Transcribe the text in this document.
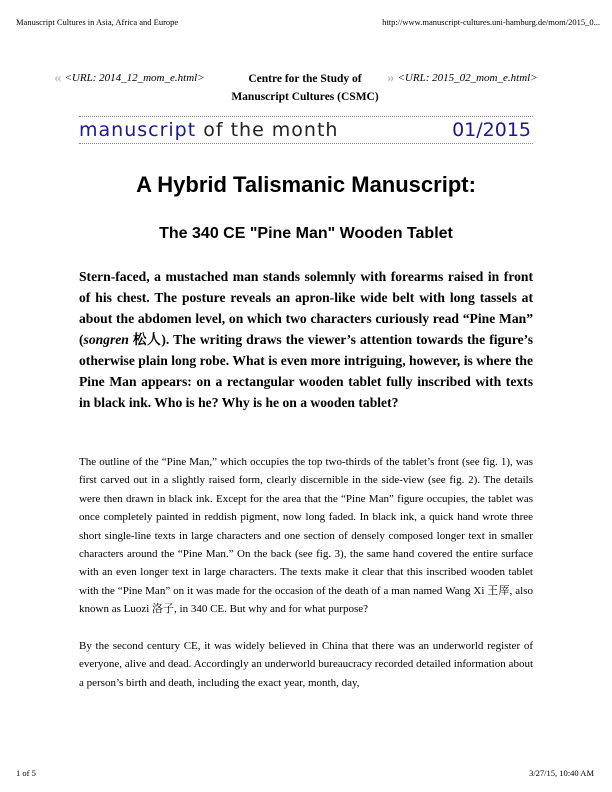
Manuscript Cultures in Asia, Africa and Europe	http://www.manuscript-cultures.uni-hamburg.de/mom/2015_0...
« <URL: 2014_12_mom_e.html>	Centre for the Study of
Manuscript Cultures (CSMC)
» <URL: 2015_02_mom_e.html>
manuscript of the month	01/2015
A Hybrid Talismanic Manuscript:
The 340 CE "Pine Man" Wooden Tablet

Stern-faced, a mustached man stands solemnly with forearms raised in front of his chest. The posture reveals an apron-like wide belt with long tassels at about the abdomen level, on which two characters curiously read “Pine Man” (songren 松人). The writing draws the viewer’s attention towards the figure’s otherwise plain long robe. What is even more intriguing, however, is where the Pine Man appears: on a rectangular wooden tablet fully inscribed with texts in black ink. Who is he? Why is he on a wooden tablet?

The outline of the “Pine Man,” which occupies the top two-thirds of the tablet’s front (see fig. 1), was first carved out in a slightly raised form, clearly discernible in the side-view (see fig. 2). The details were then drawn in black ink. Except for the area that the “Pine Man” figure occupies, the tablet was once completely painted in reddish pigment, now long faded. In black ink, a quick hand wrote three short single-line texts in large characters and one section of densely composed longer text in smaller characters around the “Pine Man.” On the back (see fig. 3), the same hand covered the entire surface with an even longer text in large characters. The texts make it clear that this inscribed wooden tablet with the “Pine Man” on it was made for the occasion of the death of a man named Wang Xi 王厗, also known as Luozi 洛子, in 340 CE. But why and for what purpose?

By the second century CE, it was widely believed in China that there was an underworld register of everyone, alive and dead. Accordingly an underworld bureaucracy recorded detailed information about a person’s birth and death, including the exact year, month, day,

1 of 5	3/27/15, 10:40 AM
